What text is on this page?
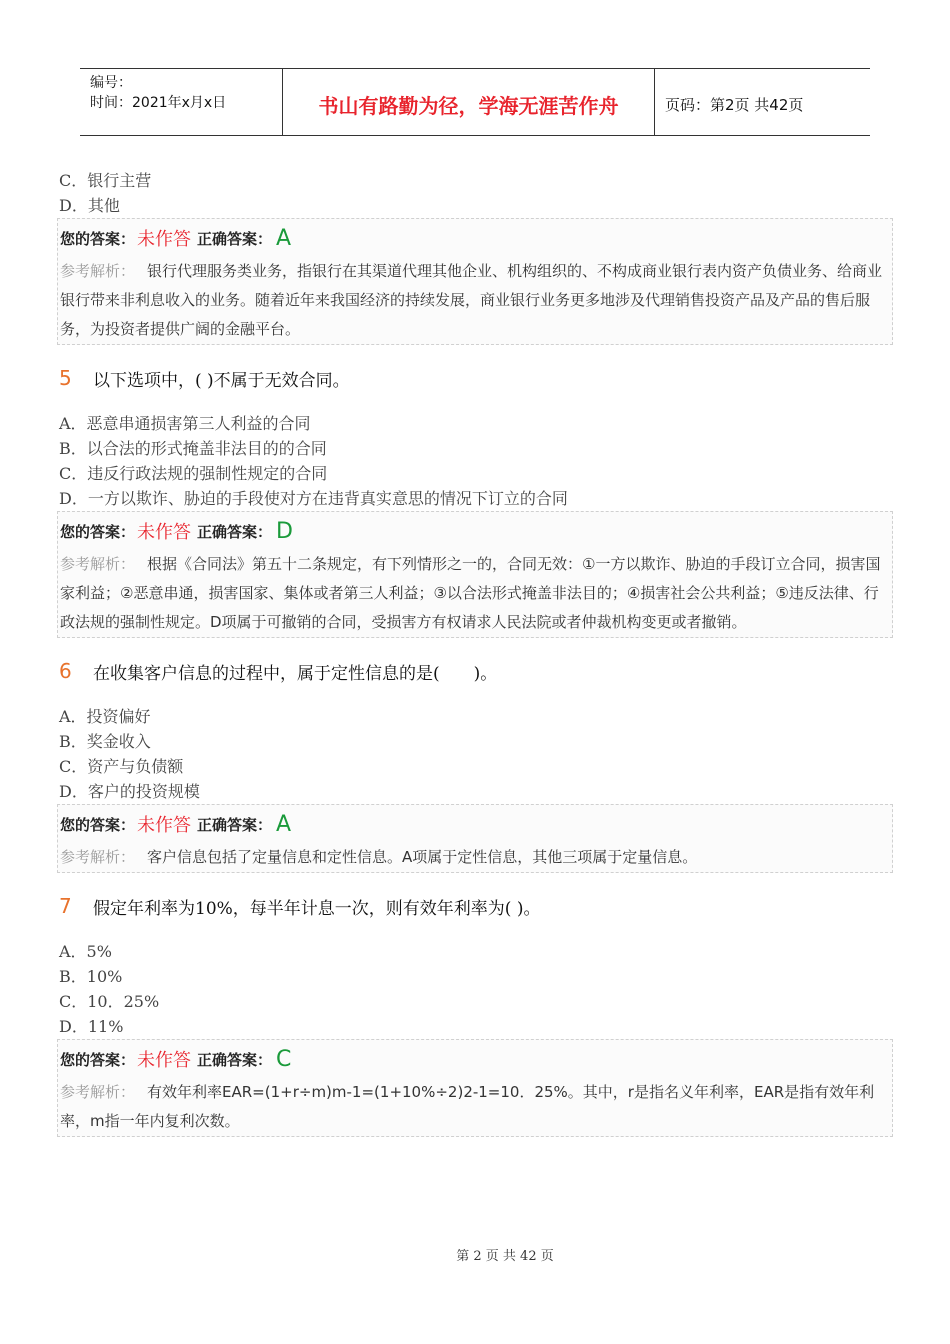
编号：
时间：2021年x月x日	书山有路勤为径，学海无涯苦作舟	页码：第2页 共42页
C．银行主营
D．其他
您的答案： 未作答 正确答案： A
参考解析： 银行代理服务类业务，指银行在其渠道代理其他企业、机构组织的、不构成商业银行表内资产负债业务、给商业银行带来非利息收入的业务。随着近年来我国经济的持续发展，商业银行业务更多地涉及代理销售投资产品及产品的售后服务，为投资者提供广阔的金融平台。
5	以下选项中，( )不属于无效合同。
A．恶意串通损害第三人利益的合同
B．以合法的形式掩盖非法目的的合同
C．违反行政法规的强制性规定的合同
D．一方以欺诈、胁迫的手段使对方在违背真实意思的情况下订立的合同
您的答案： 未作答 正确答案： D
参考解析： 根据《合同法》第五十二条规定，有下列情形之一的，合同无效：①一方以欺诈、胁迫的手段订立合同，损害国家利益；②恶意串通，损害国家、集体或者第三人利益；③以合法形式掩盖非法目的；④损害社会公共利益；⑤违反法律、行政法规的强制性规定。D项属于可撤销的合同，受损害方有权请求人民法院或者仲裁机构变更或者撤销。
6	在收集客户信息的过程中，属于定性信息的是(　　)。
A．投资偏好
B．奖金收入
C．资产与负债额
D．客户的投资规模
您的答案： 未作答 正确答案： A
参考解析： 客户信息包括了定量信息和定性信息。A项属于定性信息，其他三项属于定量信息。
7	假定年利率为10%，每半年计息一次，则有效年利率为( )。
A．5%
B．10%
C．10．25%
D．11%
您的答案： 未作答 正确答案： C
参考解析： 有效年利率EAR=(1+r÷m)m-1=(1+10%÷2)2-1=10．25%。其中，r是指名义年利率，EAR是指有效年利率，m指一年内复利次数。
第 2 页 共 42 页
